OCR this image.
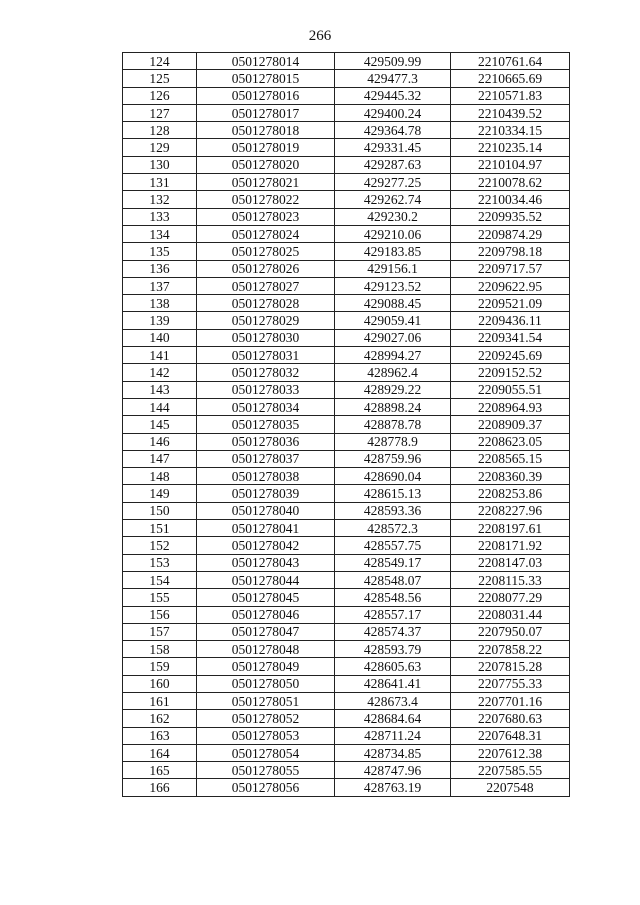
266
124	0501278014	429509.99	2210761.64
125	0501278015	429477.3	2210665.69
126	0501278016	429445.32	2210571.83
127	0501278017	429400.24	2210439.52
128	0501278018	429364.78	2210334.15
129	0501278019	429331.45	2210235.14
130	0501278020	429287.63	2210104.97
131	0501278021	429277.25	2210078.62
132	0501278022	429262.74	2210034.46
133	0501278023	429230.2	2209935.52
134	0501278024	429210.06	2209874.29
135	0501278025	429183.85	2209798.18
136	0501278026	429156.1	2209717.57
137	0501278027	429123.52	2209622.95
138	0501278028	429088.45	2209521.09
139	0501278029	429059.41	2209436.11
140	0501278030	429027.06	2209341.54
141	0501278031	428994.27	2209245.69
142	0501278032	428962.4	2209152.52
143	0501278033	428929.22	2209055.51
144	0501278034	428898.24	2208964.93
145	0501278035	428878.78	2208909.37
146	0501278036	428778.9	2208623.05
147	0501278037	428759.96	2208565.15
148	0501278038	428690.04	2208360.39
149	0501278039	428615.13	2208253.86
150	0501278040	428593.36	2208227.96
151	0501278041	428572.3	2208197.61
152	0501278042	428557.75	2208171.92
153	0501278043	428549.17	2208147.03
154	0501278044	428548.07	2208115.33
155	0501278045	428548.56	2208077.29
156	0501278046	428557.17	2208031.44
157	0501278047	428574.37	2207950.07
158	0501278048	428593.79	2207858.22
159	0501278049	428605.63	2207815.28
160	0501278050	428641.41	2207755.33
161	0501278051	428673.4	2207701.16
162	0501278052	428684.64	2207680.63
163	0501278053	428711.24	2207648.31
164	0501278054	428734.85	2207612.38
165	0501278055	428747.96	2207585.55
166	0501278056	428763.19	2207548
